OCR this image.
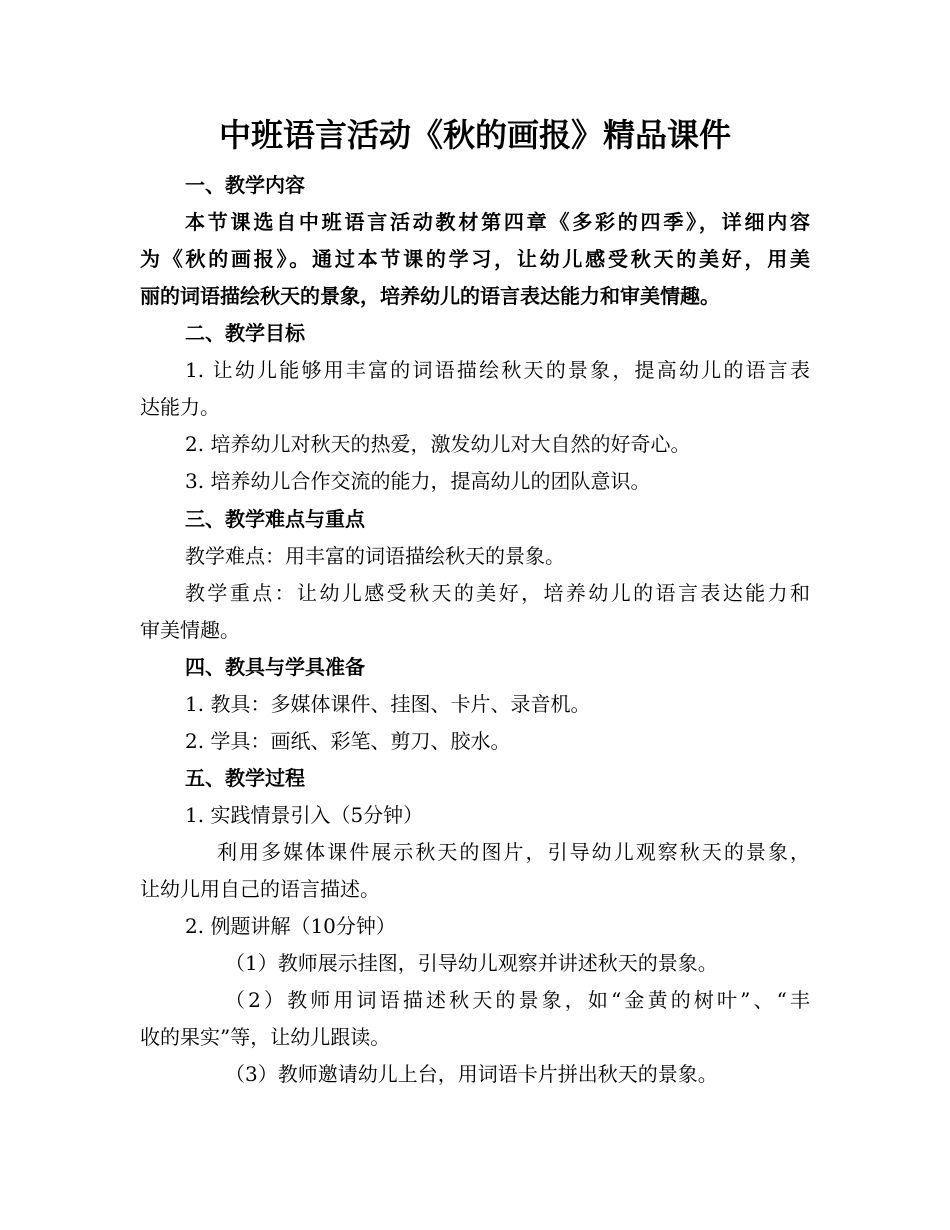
中班语言活动《秋的画报》精品课件

一、教学内容

本节课选自中班语言活动教材第四章《多彩的四季》，详细内容

为《秋的画报》。通过本节课的学习，让幼儿感受秋天的美好，用美

丽的词语描绘秋天的景象，培养幼儿的语言表达能力和审美情趣。

二、教学目标

1. 让幼儿能够用丰富的词语描绘秋天的景象，提高幼儿的语言表

达能力。

2. 培养幼儿对秋天的热爱，激发幼儿对大自然的好奇心。

3. 培养幼儿合作交流的能力，提高幼儿的团队意识。

三、教学难点与重点

教学难点：用丰富的词语描绘秋天的景象。

教学重点：让幼儿感受秋天的美好，培养幼儿的语言表达能力和

审美情趣。

四、教具与学具准备

1. 教具：多媒体课件、挂图、卡片、录音机。

2. 学具：画纸、彩笔、剪刀、胶水。

五、教学过程

1. 实践情景引入（5分钟）

利用多媒体课件展示秋天的图片，引导幼儿观察秋天的景象，

让幼儿用自己的语言描述。

2. 例题讲解（10分钟）

（1）教师展示挂图，引导幼儿观察并讲述秋天的景象。

（2）教师用词语描述秋天的景象，如“金黄的树叶”、“丰

收的果实”等，让幼儿跟读。

（3）教师邀请幼儿上台，用词语卡片拼出秋天的景象。
